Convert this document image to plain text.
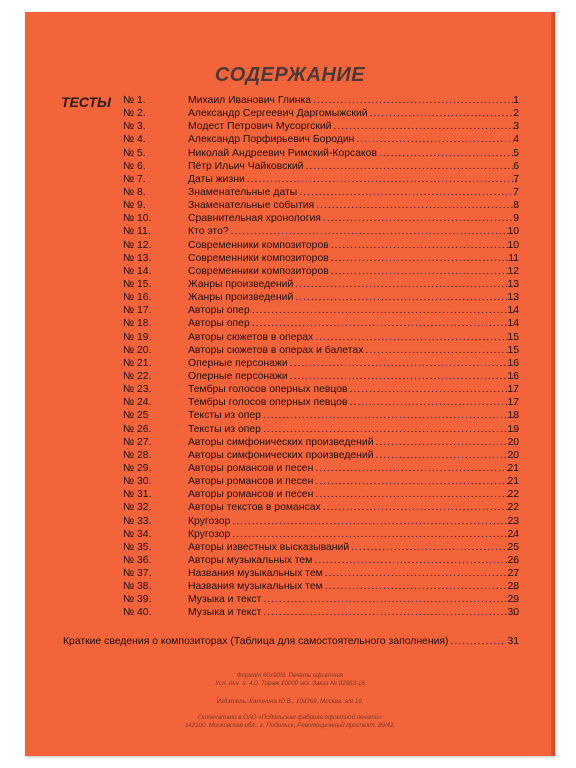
СОДЕРЖАНИЕ
ТЕСТЫ № 1.	Михаил Иванович Глинка .....	1
№ 2.	Александр Сергеевич Даргомыжский .....	2
№ 3.	Модест Петрович Мусоргский .....	3
№ 4.	Александр Порфирьевич Бородин .....	4
№ 5.	Николай Андреевич Римский-Корсаков .....	5
№ 6.	Пётр Ильич Чайковский .....	6
№ 7.	Даты жизни .....	7
№ 8.	Знаменательные даты .....	7
№ 9.	Знаменательные события .....	8
№ 10.	Сравнительная хронология .....	9
№ 11.	Кто это? .....	10
№ 12.	Современники композиторов .....	10
№ 13.	Современники композиторов .....	11
№ 14.	Современники композиторов .....	12
№ 15.	Жанры произведений .....	13
№ 16.	Жанры произведений .....	13
№ 17.	Авторы опер .....	14
№ 18.	Авторы опер .....	14
№ 19.	Авторы сюжетов в операх .....	15
№ 20.	Авторы сюжетов в операх и балетах .....	15
№ 21.	Оперные персонажи .....	16
№ 22.	Оперные персонажи .....	16
№ 23.	Тембры голосов оперных певцов .....	17
№ 24.	Тембры голосов оперных певцов .....	17
№ 25	Тексты из опер .....	18
№ 26.	Тексты из опер .....	19
№ 27.	Авторы симфонических произведений .....	20
№ 28.	Авторы симфонических произведений .....	20
№ 29.	Авторы романсов и песен .....	21
№ 30.	Авторы романсов и песен .....	21
№ 31.	Авторы романсов и песен .....	22
№ 32.	Авторы текстов в романсах .....	22
№ 33.	Кругозор .....	23
№ 34.	Кругозор .....	24
№ 35.	Авторы известных высказываний .....	25
№ 36.	Авторы музыкальных тем .....	26
№ 37.	Названия музыкальных тем .....	27
№ 38.	Названия музыкальных тем .....	28
№ 39.	Музыка и текст .....	29
№ 40.	Музыка и текст .....	30
Краткие сведения о композиторах (Таблица для самостоятельного заполнения) .....	31
Формат 60х90/8. Печать офсетная
Усл. печ. л. 4,0. Тираж 10000 экз. Заказ № 02863-16
Издатель: Калинина Ю.В., 109369, Москва, а/я 19.
Отпечатано в ОАО «Подольская фабрика офсетной печати»
142100, Московская обл., г. Подольск, Революционный проспект, 80/42.
